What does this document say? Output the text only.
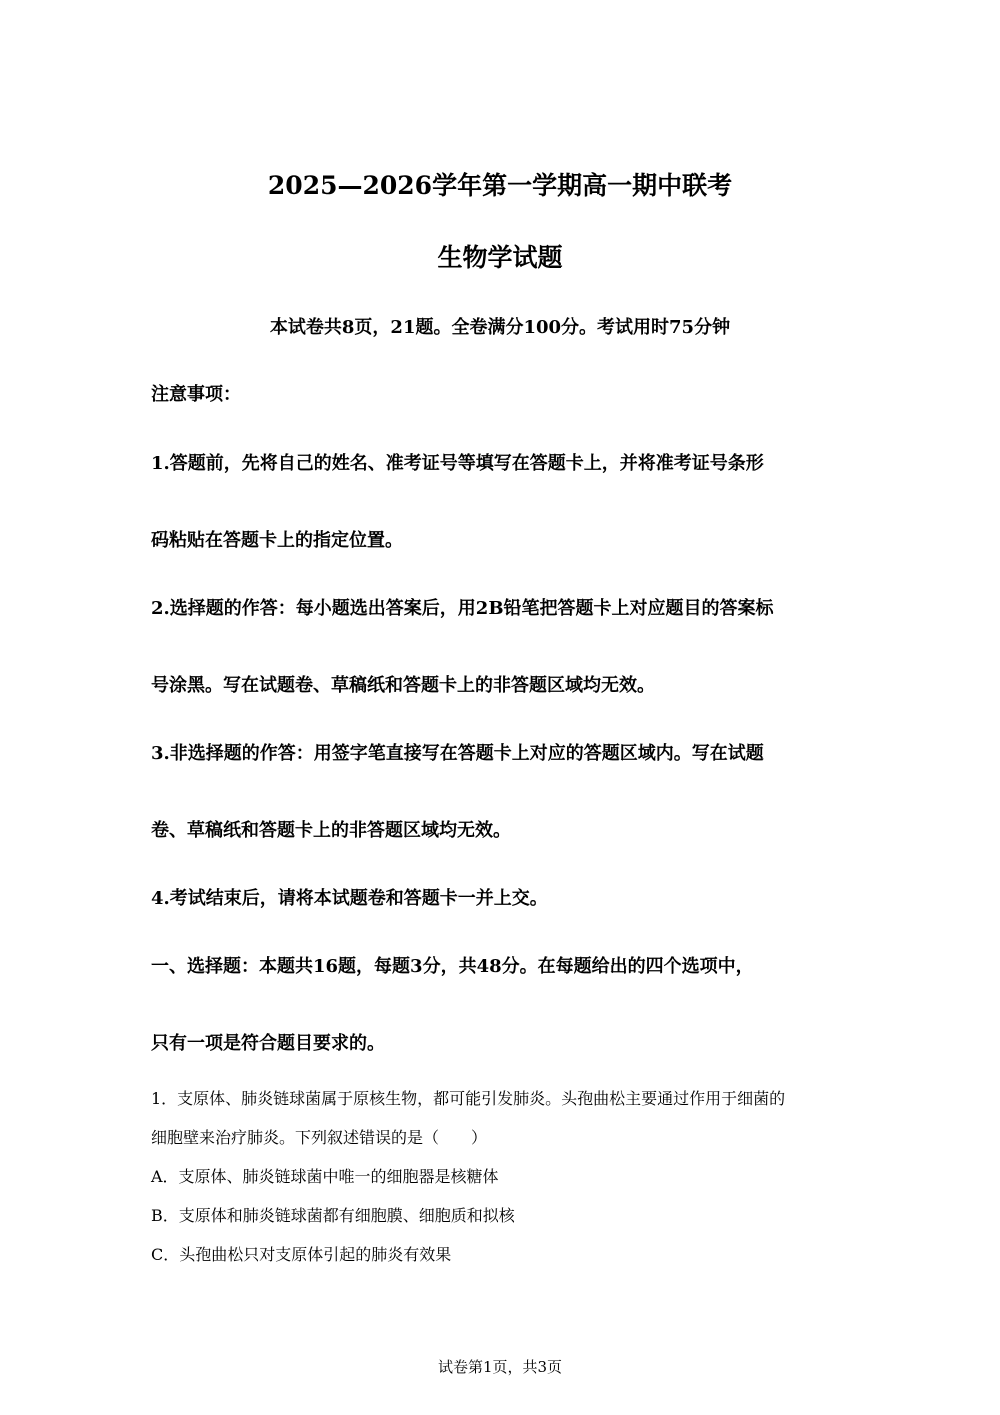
2025—2026学年第一学期高一期中联考
生物学试题

本试卷共8页，21题。全卷满分100分。考试用时75分钟

注意事项：

1.答题前，先将自己的姓名、准考证号等填写在答题卡上，并将准考证号条形

码粘贴在答题卡上的指定位置。

2.选择题的作答：每小题选出答案后，用2B铅笔把答题卡上对应题目的答案标

号涂黑。写在试题卷、草稿纸和答题卡上的非答题区域均无效。

3.非选择题的作答：用签字笔直接写在答题卡上对应的答题区域内。写在试题

卷、草稿纸和答题卡上的非答题区域均无效。

4.考试结束后，请将本试题卷和答题卡一并上交。

一、选择题：本题共16题，每题3分，共48分。在每题给出的四个选项中，

只有一项是符合题目要求的。

1．支原体、肺炎链球菌属于原核生物，都可能引发肺炎。头孢曲松主要通过作用于细菌的

细胞壁来治疗肺炎。下列叙述错误的是（　　）

A．支原体、肺炎链球菌中唯一的细胞器是核糖体

B．支原体和肺炎链球菌都有细胞膜、细胞质和拟核

C．头孢曲松只对支原体引起的肺炎有效果

试卷第1页，共3页
